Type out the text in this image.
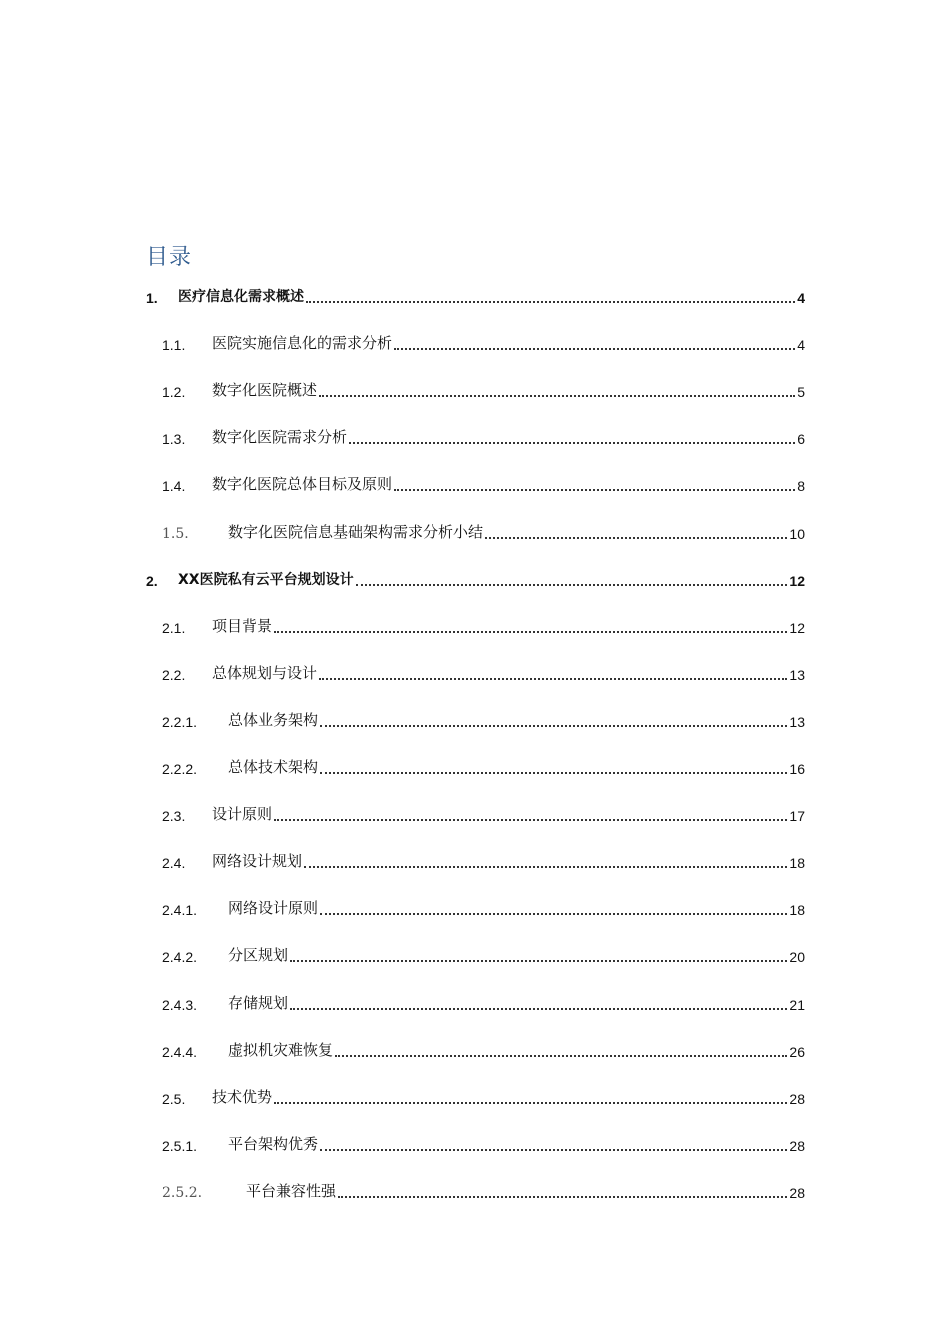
目录
1. 医疗信息化需求概述	4
1.1. 医院实施信息化的需求分析	4
1.2. 数字化医院概述	5
1.3. 数字化医院需求分析	6
1.4. 数字化医院总体目标及原则	8
1.5.	数字化医院信息基础架构需求分析小结	10
2. XX医院私有云平台规划设计	12
2.1. 项目背景	12
2.2. 总体规划与设计	13
2.2.1. 总体业务架构	13
2.2.2. 总体技术架构	16
2.3. 设计原则	17
2.4. 网络设计规划	18
2.4.1. 网络设计原则	18
2.4.2. 分区规划	20
2.4.3. 存储规划	21
2.4.4. 虚拟机灾难恢复	26
2.5. 技术优势	28
2.5.1. 平台架构优秀	28
2.5.2.	平台兼容性强	28
